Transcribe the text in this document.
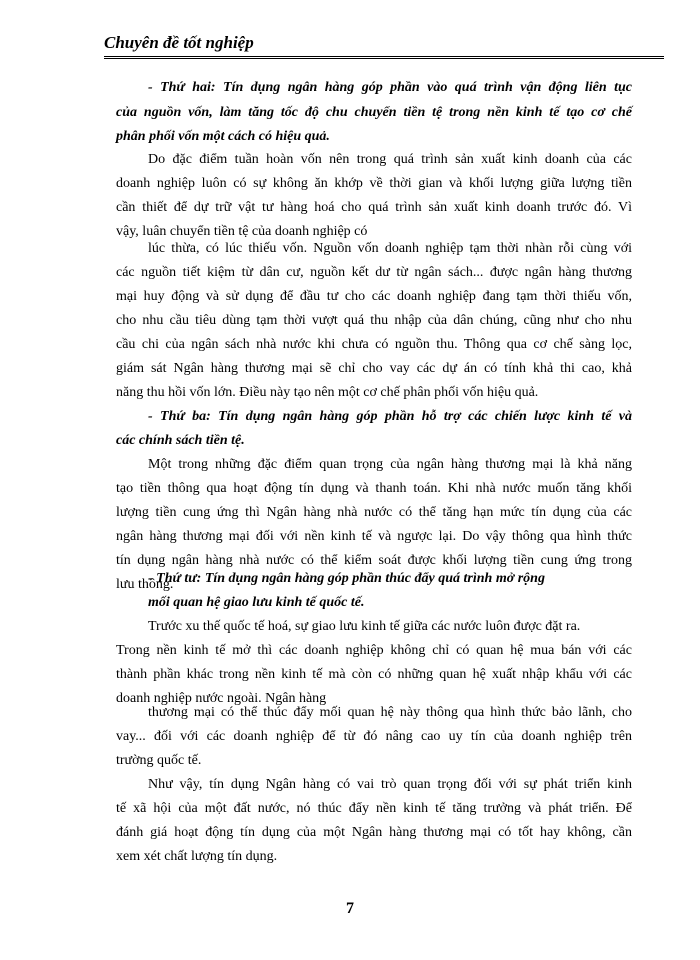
Chuyên đề tốt nghiệp
- Thứ hai: Tín dụng ngân hàng góp phần vào quá trình vận động liên tục
của nguồn vốn, làm tăng tốc độ chu chuyển tiền tệ trong nền kinh tế tạo cơ chế
phân phối vốn một cách có hiệu quả.
Do đặc điểm tuần hoàn vốn nên trong quá trình sản xuất kinh doanh của các
doanh nghiệp luôn có sự không ăn khớp về thời gian và khối lượng giữa lượng tiền
cần thiết để dự trữ vật tư hàng hoá cho quá trình sản xuất kinh doanh trước đó. Vì
vậy, luân chuyển tiền tệ của doanh nghiệp có
lúc thừa, có lúc thiếu vốn. Nguồn vốn doanh nghiệp tạm thời nhàn rỗi cùng với
các nguồn tiết kiệm từ dân cư, nguồn kết dư từ ngân sách... được ngân hàng thương
mại huy động và sử dụng để đầu tư cho các doanh nghiệp đang tạm thời thiếu vốn,
cho nhu cầu tiêu dùng tạm thời vượt quá thu nhập của dân chúng, cũng như cho nhu
cầu chi của ngân sách nhà nước khi chưa có nguồn thu. Thông qua cơ chế sàng lọc,
giám sát Ngân hàng thương mại sẽ chỉ cho vay các dự án có tính khả thi cao, khả
năng thu hồi vốn lớn. Điều này tạo nên một cơ chế phân phối vốn hiệu quả.
- Thứ ba: Tín dụng ngân hàng góp phần hỗ trợ các chiến lược kinh tế và
các chính sách tiền tệ.
Một trong những đặc điểm quan trọng của ngân hàng thương mại là khả năng
tạo tiền thông qua hoạt động tín dụng và thanh toán. Khi nhà nước muốn tăng khối
lượng tiền cung ứng thì Ngân hàng nhà nước có thể tăng hạn mức tín dụng của các
ngân hàng thương mại đối với nền kinh tế và ngược lại. Do vậy thông qua hình thức
tín dụng ngân hàng nhà nước có thể kiểm soát được khối lượng tiền cung ứng trong
lưu thông.
- Thứ tư: Tín dụng ngân hàng góp phần thúc đẩy quá trình mở rộng
mối quan hệ giao lưu kinh tế quốc tế.
Trước xu thế quốc tế hoá, sự giao lưu kinh tế giữa các nước luôn được đặt ra.
Trong nền kinh tế mở thì các doanh nghiệp không chỉ có quan hệ mua bán với các
thành phần khác trong nền kinh tế mà còn có những quan hệ xuất nhập khẩu với các
doanh nghiệp nước ngoài. Ngân hàng
thương mại có thể thúc đẩy mối quan hệ này thông qua hình thức bảo lãnh, cho
vay... đối với các doanh nghiệp để từ đó nâng cao uy tín của doanh nghiệp trên
trường quốc tế.
Như vậy, tín dụng Ngân hàng có vai trò quan trọng đối với sự phát triển kinh
tế xã hội của một đất nước, nó thúc đẩy nền kinh tế tăng trưởng và phát triển. Để
đánh giá hoạt động tín dụng của một Ngân hàng thương mại có tốt hay không, cần
xem xét chất lượng tín dụng.
7
